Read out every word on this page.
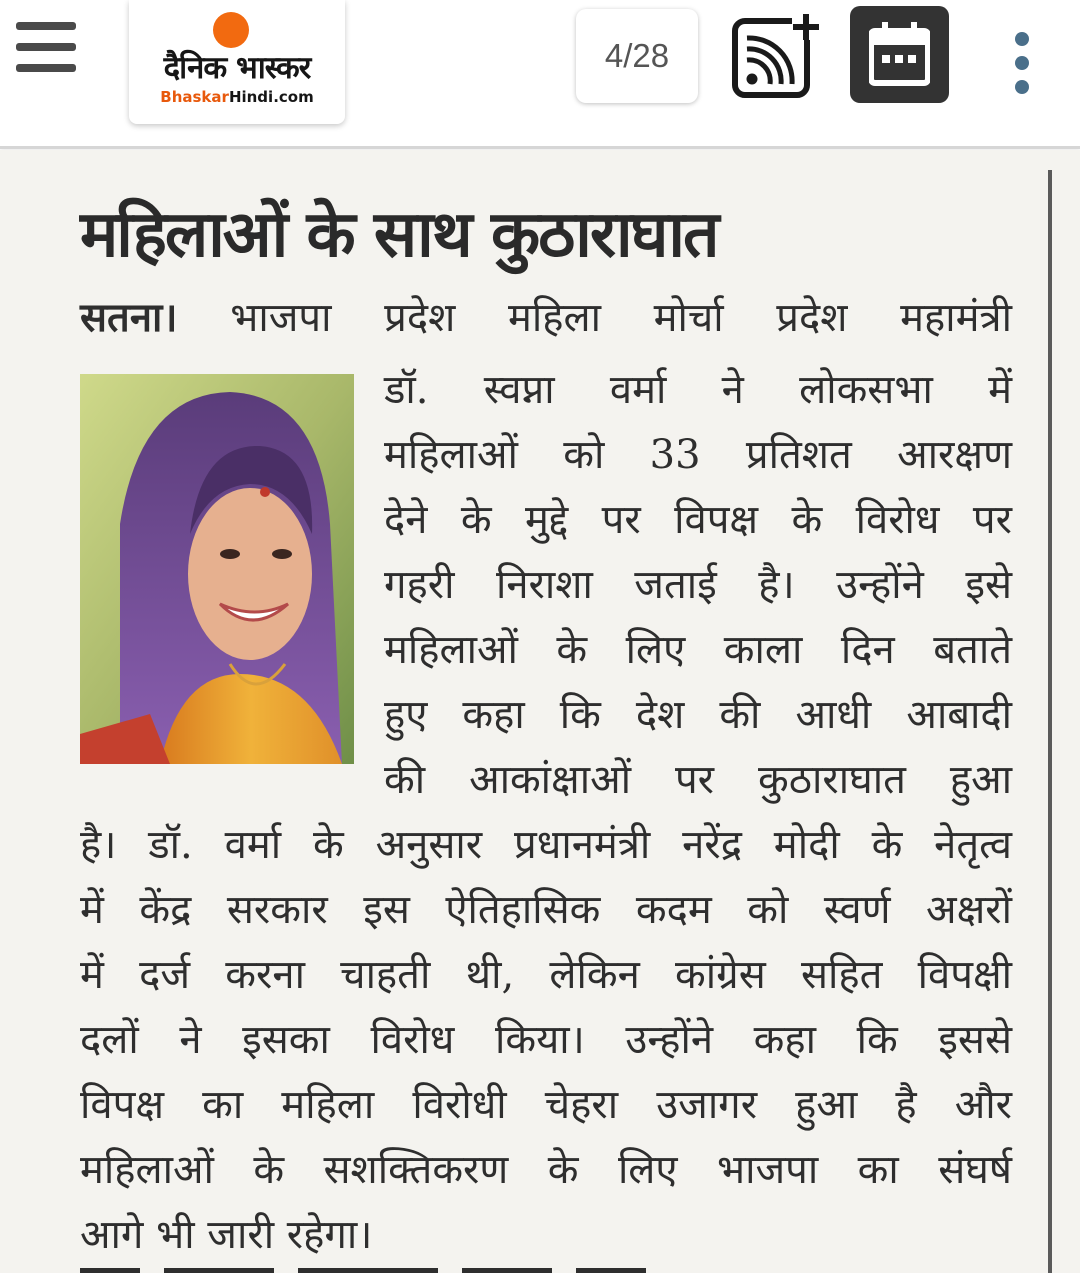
दैनिक भास्कर
BhaskarHindi.com
4/28
महिलाओं के साथ कुठाराघात
सतना। भाजपा प्रदेश महिला मोर्चा प्रदेश महामंत्री
डॉ. स्वप्ना वर्मा ने लोकसभा में
महिलाओं को 33 प्रतिशत आरक्षण
देने के मुद्दे पर विपक्ष के विरोध पर
गहरी निराशा जताई है। उन्होंने इसे
महिलाओं के लिए काला दिन बताते
हुए कहा कि देश की आधी आबादी
की आकांक्षाओं पर कुठाराघात हुआ
है। डॉ. वर्मा के अनुसार प्रधानमंत्री नरेंद्र मोदी के नेतृत्व
में केंद्र सरकार इस ऐतिहासिक कदम को स्वर्ण अक्षरों
में दर्ज करना चाहती थी, लेकिन कांग्रेस सहित विपक्षी
दलों ने इसका विरोध किया। उन्होंने कहा कि इससे
विपक्ष का महिला विरोधी चेहरा उजागर हुआ है और
महिलाओं के सशक्तिकरण के लिए भाजपा का संघर्ष
आगे भी जारी रहेगा।
